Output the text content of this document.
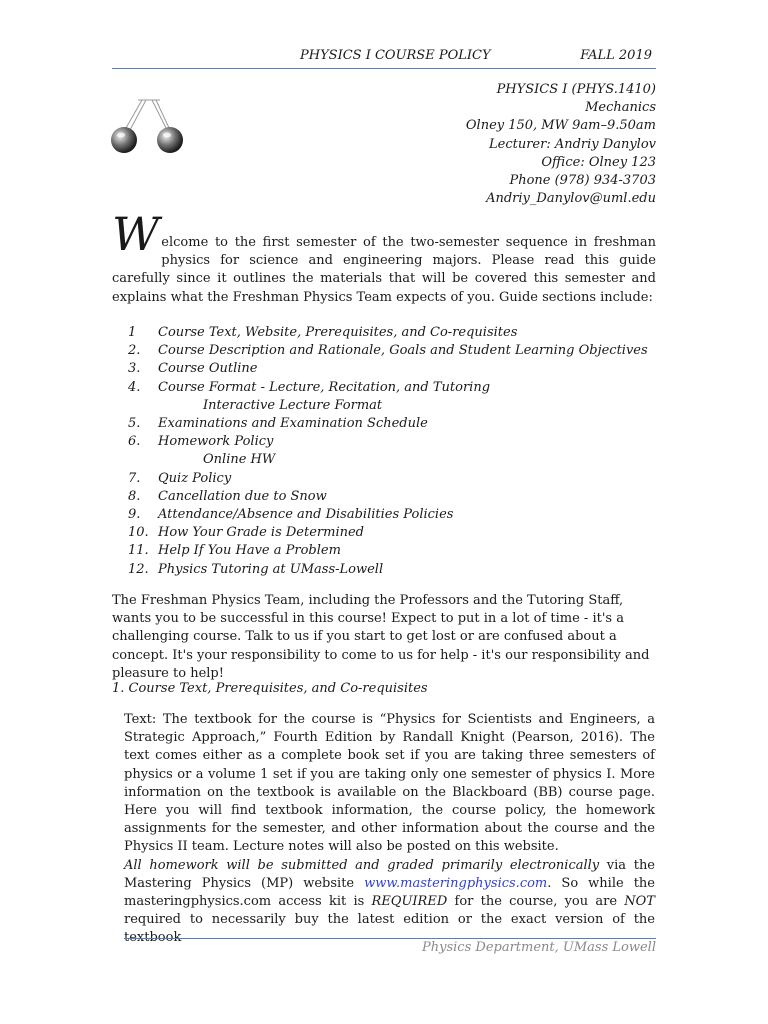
PHYSICS I COURSE POLICY	FALL 2019
PHYSICS I (PHYS.1410)
Mechanics
Olney 150, MW 9am–9.50am
Lecturer: Andriy Danylov
Office: Olney 123
Phone (978) 934-3703
Andriy_Danylov@uml.edu
W elcome to the first semester of the two-semester sequence in freshman physics for science and engineering majors. Please read this guide carefully since it outlines the materials that will be covered this semester and explains what the Freshman Physics Team expects of you. Guide sections include:
1 Course Text, Website, Prerequisites, and Co-requisites
2. Course Description and Rationale, Goals and Student Learning Objectives
3. Course Outline
4. Course Format - Lecture, Recitation, and Tutoring
Interactive Lecture Format
5. Examinations and Examination Schedule
6. Homework Policy
Online HW
7. Quiz Policy
8. Cancellation due to Snow
9. Attendance/Absence and Disabilities Policies
10. How Your Grade is Determined
11. Help If You Have a Problem
12. Physics Tutoring at UMass-Lowell

The Freshman Physics Team, including the Professors and the Tutoring Staff, wants you to be successful in this course! Expect to put in a lot of time - it's a challenging course. Talk to us if you start to get lost or are confused about a concept. It's your responsibility to come to us for help - it's our responsibility and pleasure to help!

1. Course Text, Prerequisites, and Co-requisites

Text: The textbook for the course is “Physics for Scientists and Engineers, a Strategic Approach,” Fourth Edition by Randall Knight (Pearson, 2016). The text comes either as a complete book set if you are taking three semesters of physics or a volume 1 set if you are taking only one semester of physics I. More information on the textbook is available on the Blackboard (BB) course page. Here you will find textbook information, the course policy, the homework assignments for the semester, and other information about the course and the Physics II team. Lecture notes will also be posted on this website.
All homework will be submitted and graded primarily electronically via the Mastering Physics (MP) website www.masteringphysics.com. So while the masteringphysics.com access kit is REQUIRED for the course, you are NOT required to necessarily buy the latest edition or the exact version of the textbook

Physics Department, UMass Lowell
